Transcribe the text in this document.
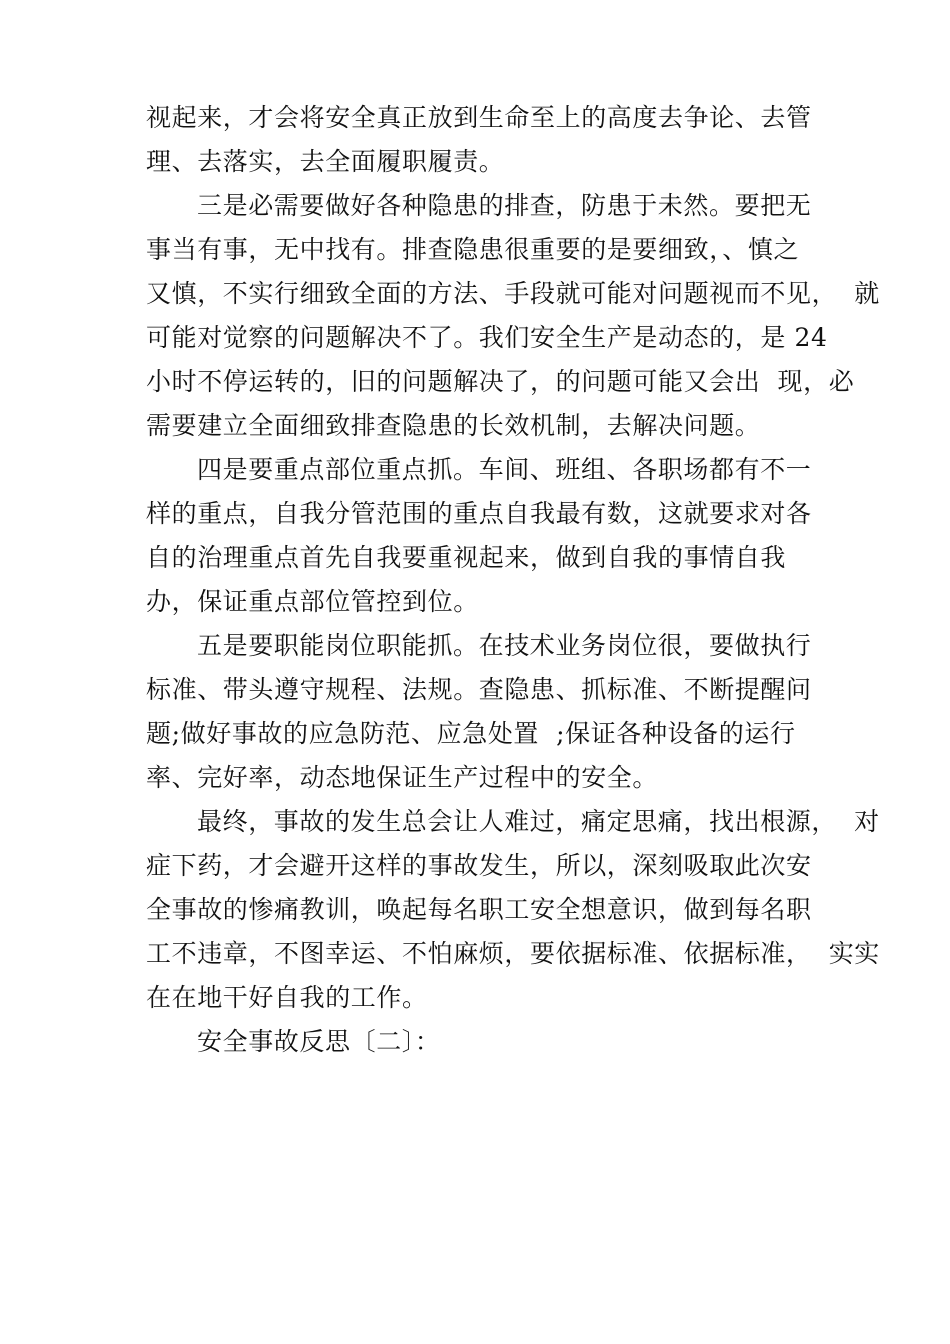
视起来，才会将安全真正放到生命至上的高度去争论、去管
理、去落实，去全面履职履责。
三是必需要做好各种隐患的排查，防患于未然。要把无
事当有事，无中找有。排查隐患很重要的是要细致，、慎之
又慎，不实行细致全面的方法、手段就可能对问题视而不见，  就
可能对觉察的问题解决不了。我们安全生产是动态的，是 24
小时不停运转的，旧的问题解决了，的问题可能又会出  现，必
需要建立全面细致排查隐患的长效机制，去解决问题。
四是要重点部位重点抓。车间、班组、各职场都有不一
样的重点，自我分管范围的重点自我最有数，这就要求对各
自的治理重点首先自我要重视起来，做到自我的事情自我
办，保证重点部位管控到位。
五是要职能岗位职能抓。在技术业务岗位很，要做执行
标准、带头遵守规程、法规。查隐患、抓标准、不断提醒问
题;做好事故的应急防范、应急处置  ;保证各种设备的运行
率、完好率，动态地保证生产过程中的安全。
最终，事故的发生总会让人难过，痛定思痛，找出根源，  对
症下药，才会避开这样的事故发生，所以，深刻吸取此次安
全事故的惨痛教训，唤起每名职工安全想意识，做到每名职
工不违章，不图幸运、不怕麻烦，要依据标准、依据标准，  实实
在在地干好自我的工作。
安全事故反思〔二〕：
